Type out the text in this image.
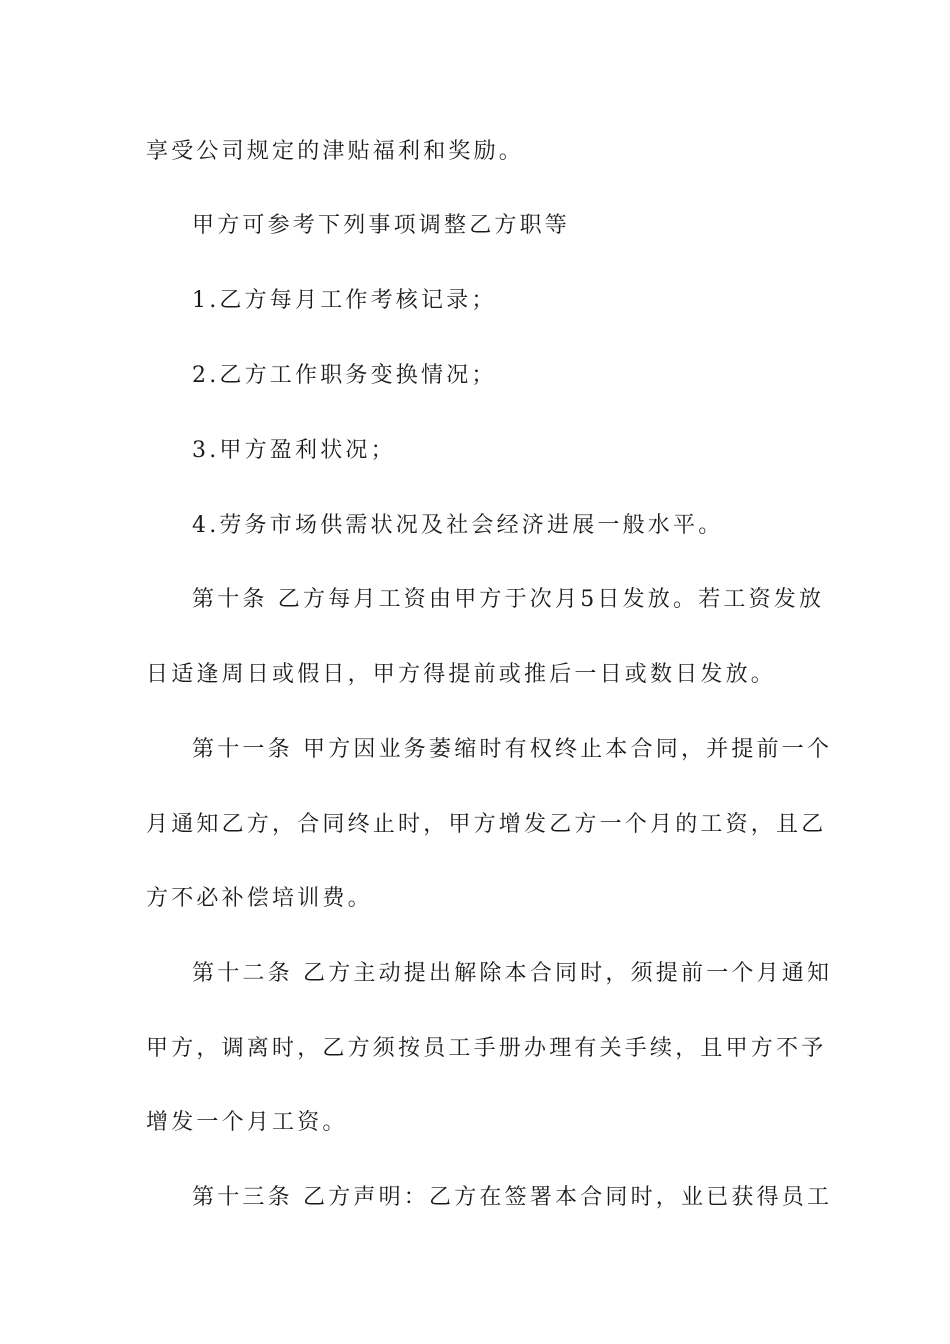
享受公司规定的津贴福利和奖励。
甲方可参考下列事项调整乙方职等
1.乙方每月工作考核记录；
2.乙方工作职务变换情况；
3.甲方盈利状况；
4.劳务市场供需状况及社会经济进展一般水平。
第十条 乙方每月工资由甲方于次月5日发放。若工资发放
日适逢周日或假日，甲方得提前或推后一日或数日发放。
第十一条 甲方因业务萎缩时有权终止本合同，并提前一个
月通知乙方，合同终止时，甲方增发乙方一个月的工资，且乙
方不必补偿培训费。
第十二条 乙方主动提出解除本合同时，须提前一个月通知
甲方，调离时，乙方须按员工手册办理有关手续，且甲方不予
增发一个月工资。
第十三条 乙方声明：乙方在签署本合同时，业已获得员工
